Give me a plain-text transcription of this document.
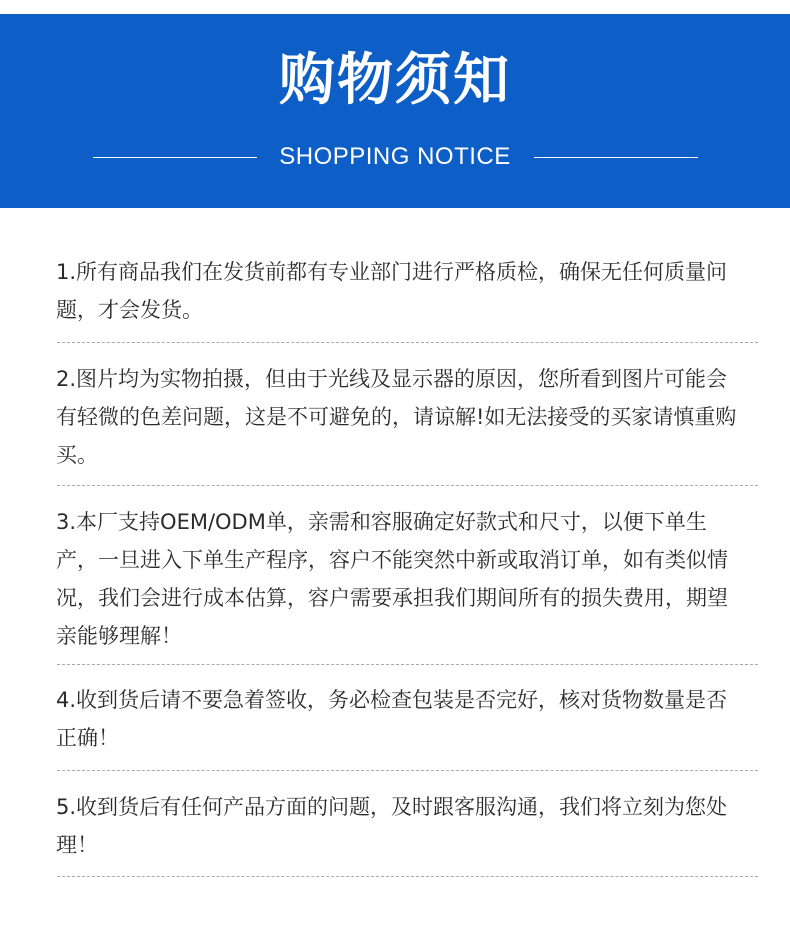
购物须知
SHOPPING NOTICE

1.所有商品我们在发货前都有专业部门进行严格质检，确保无任何质量问题，才会发货。

2.图片均为实物拍摄，但由于光线及显示器的原因，您所看到图片可能会有轻微的色差问题，这是不可避免的，请谅解!如无法接受的买家请慎重购买。

3.本厂支持OEM/ODM单，亲需和容服确定好款式和尺寸，以便下单生产，一旦进入下单生产程序，容户不能突然中新或取消订单，如有类似情况，我们会进行成本估算，容户需要承担我们期间所有的损失费用，期望亲能够理解！

4.收到货后请不要急着签收，务必检查包装是否完好，核对货物数量是否正确！

5.收到货后有任何产品方面的问题，及时跟客服沟通，我们将立刻为您处理！
